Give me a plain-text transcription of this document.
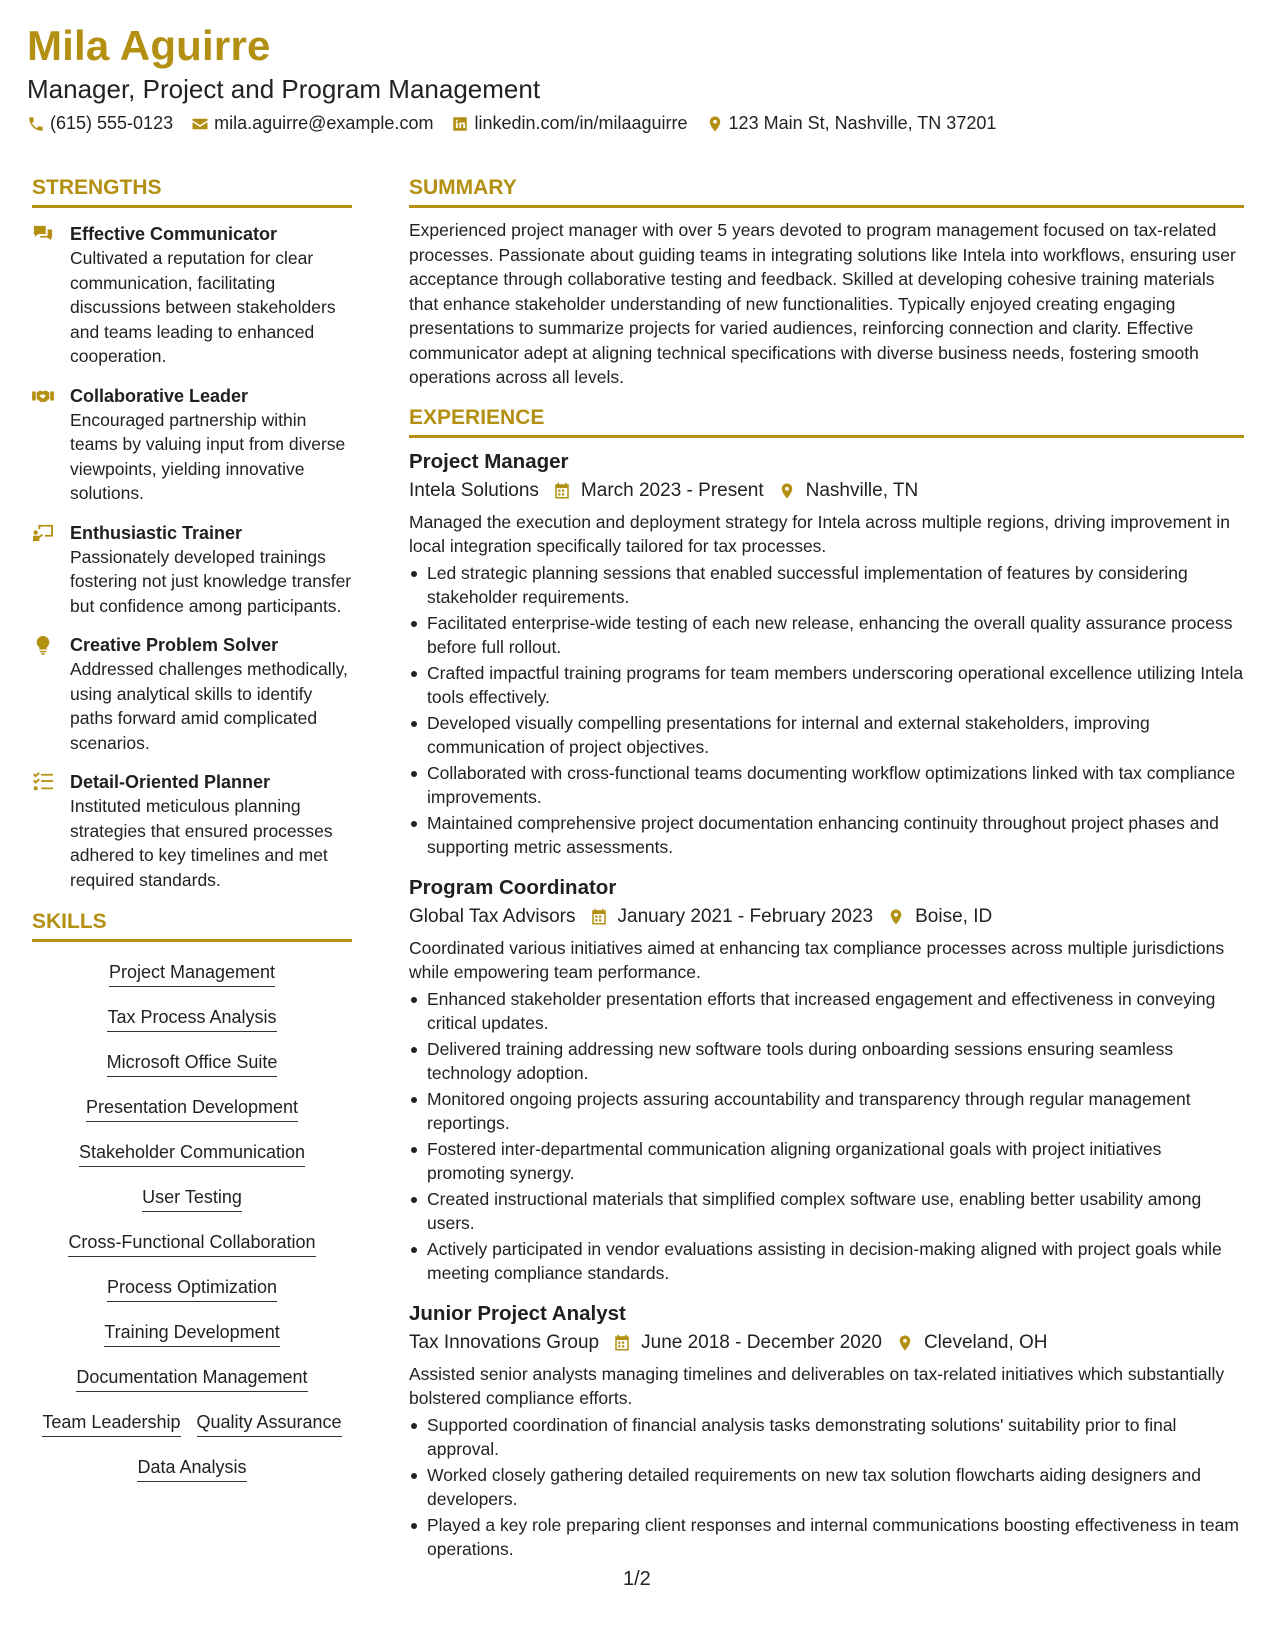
Mila Aguirre
Manager, Project and Program Management
(615) 555-0123 mila.aguirre@example.com linkedin.com/in/milaaguirre 123 Main St, Nashville, TN 37201
STRENGTHS
Effective Communicator
Cultivated a reputation for clear communication, facilitating discussions between stakeholders and teams leading to enhanced cooperation.
Collaborative Leader
Encouraged partnership within teams by valuing input from diverse viewpoints, yielding innovative solutions.
Enthusiastic Trainer
Passionately developed trainings fostering not just knowledge transfer but confidence among participants.
Creative Problem Solver
Addressed challenges methodically, using analytical skills to identify paths forward amid complicated scenarios.
Detail-Oriented Planner
Instituted meticulous planning strategies that ensured processes adhered to key timelines and met required standards.
SKILLS
Project Management
Tax Process Analysis
Microsoft Office Suite
Presentation Development
Stakeholder Communication
User Testing
Cross-Functional Collaboration
Process Optimization
Training Development
Documentation Management
Team Leadership Quality Assurance
Data Analysis
SUMMARY
Experienced project manager with over 5 years devoted to program management focused on tax-related processes. Passionate about guiding teams in integrating solutions like Intela into workflows, ensuring user acceptance through collaborative testing and feedback. Skilled at developing cohesive training materials that enhance stakeholder understanding of new functionalities. Typically enjoyed creating engaging presentations to summarize projects for varied audiences, reinforcing connection and clarity. Effective communicator adept at aligning technical specifications with diverse business needs, fostering smooth operations across all levels.
EXPERIENCE
Project Manager
Intela Solutions March 2023 - Present Nashville, TN
Managed the execution and deployment strategy for Intela across multiple regions, driving improvement in local integration specifically tailored for tax processes.
Led strategic planning sessions that enabled successful implementation of features by considering stakeholder requirements.
Facilitated enterprise-wide testing of each new release, enhancing the overall quality assurance process before full rollout.
Crafted impactful training programs for team members underscoring operational excellence utilizing Intela tools effectively.
Developed visually compelling presentations for internal and external stakeholders, improving communication of project objectives.
Collaborated with cross-functional teams documenting workflow optimizations linked with tax compliance improvements.
Maintained comprehensive project documentation enhancing continuity throughout project phases and supporting metric assessments.
Program Coordinator
Global Tax Advisors January 2021 - February 2023 Boise, ID
Coordinated various initiatives aimed at enhancing tax compliance processes across multiple jurisdictions while empowering team performance.
Enhanced stakeholder presentation efforts that increased engagement and effectiveness in conveying critical updates.
Delivered training addressing new software tools during onboarding sessions ensuring seamless technology adoption.
Monitored ongoing projects assuring accountability and transparency through regular management reportings.
Fostered inter-departmental communication aligning organizational goals with project initiatives promoting synergy.
Created instructional materials that simplified complex software use, enabling better usability among users.
Actively participated in vendor evaluations assisting in decision-making aligned with project goals while meeting compliance standards.
Junior Project Analyst
Tax Innovations Group June 2018 - December 2020 Cleveland, OH
Assisted senior analysts managing timelines and deliverables on tax-related initiatives which substantially bolstered compliance efforts.
Supported coordination of financial analysis tasks demonstrating solutions' suitability prior to final approval.
Worked closely gathering detailed requirements on new tax solution flowcharts aiding designers and developers.
Played a key role preparing client responses and internal communications boosting effectiveness in team operations.
1/2
